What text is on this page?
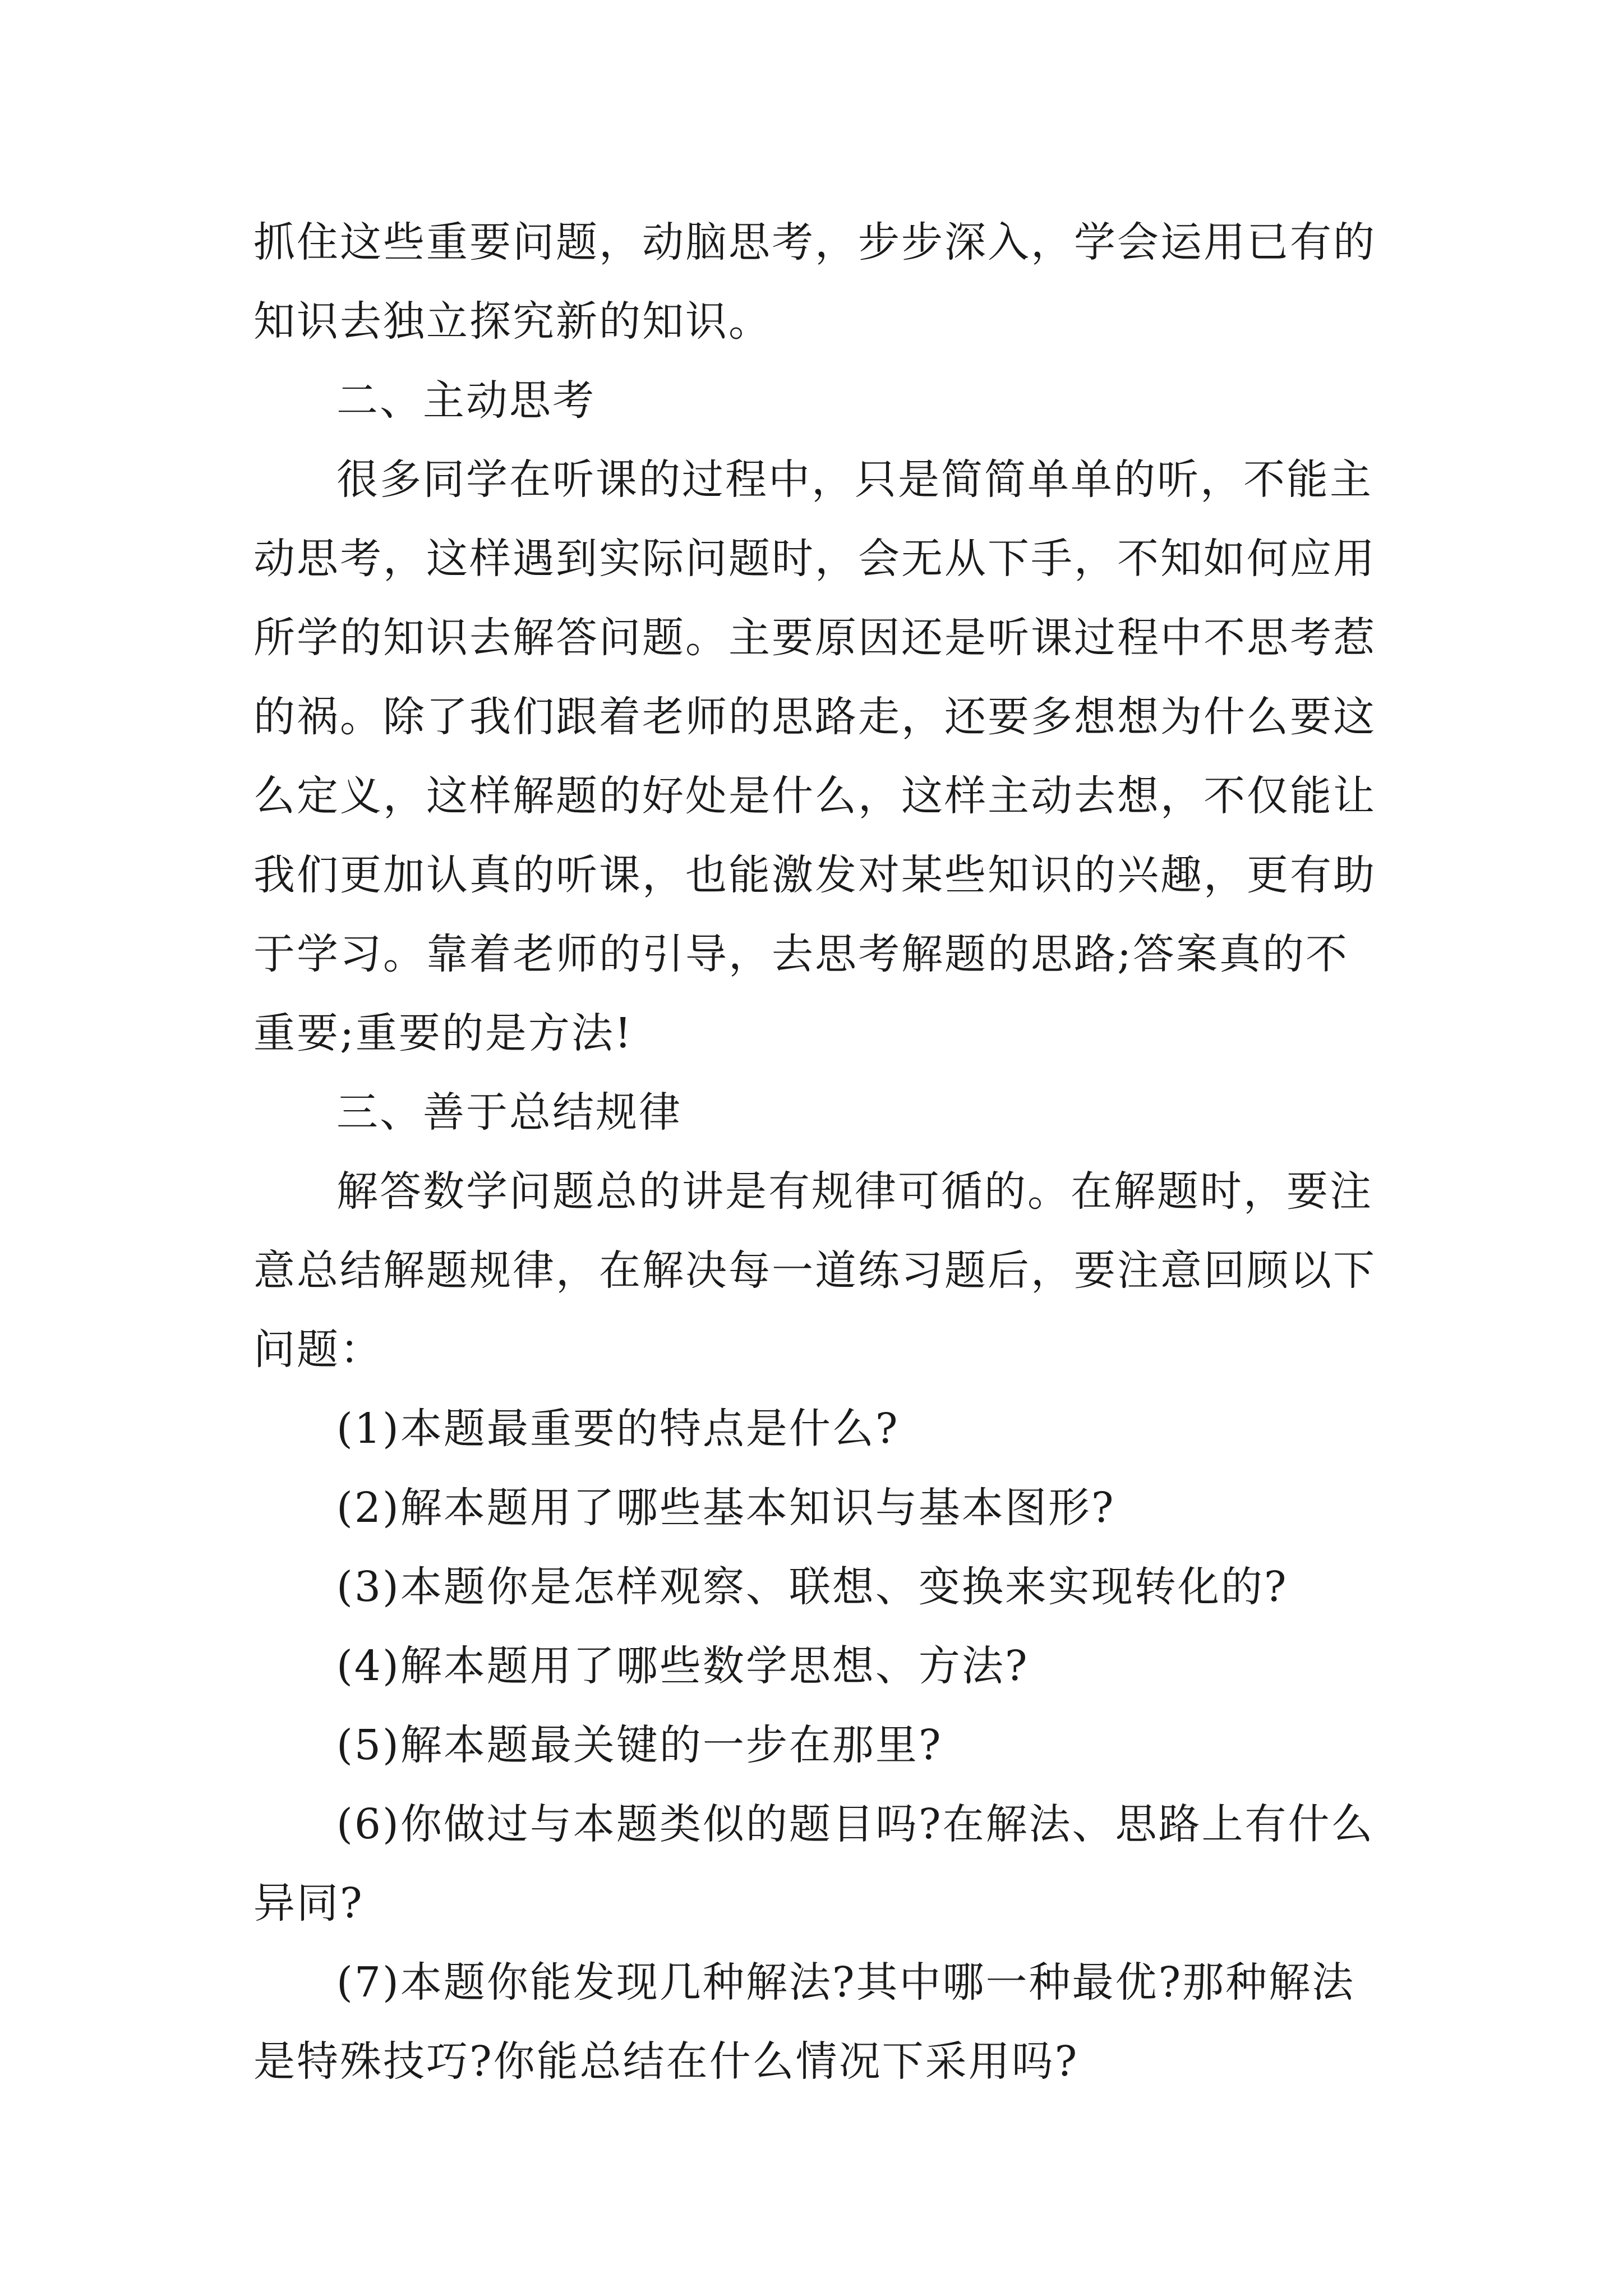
抓住这些重要问题，动脑思考，步步深入，学会运用已有的

知识去独立探究新的知识。

二、主动思考

很多同学在听课的过程中，只是简简单单的听，不能主

动思考，这样遇到实际问题时，会无从下手，不知如何应用

所学的知识去解答问题。主要原因还是听课过程中不思考惹

的祸。除了我们跟着老师的思路走，还要多想想为什么要这

么定义，这样解题的好处是什么，这样主动去想，不仅能让

我们更加认真的听课，也能激发对某些知识的兴趣，更有助

于学习。靠着老师的引导，去思考解题的思路;答案真的不

重要;重要的是方法!

三、善于总结规律

解答数学问题总的讲是有规律可循的。在解题时，要注

意总结解题规律，在解决每一道练习题后，要注意回顾以下

问题：

(1)本题最重要的特点是什么?

(2)解本题用了哪些基本知识与基本图形?

(3)本题你是怎样观察、联想、变换来实现转化的?

(4)解本题用了哪些数学思想、方法?

(5)解本题最关键的一步在那里?

(6)你做过与本题类似的题目吗?在解法、思路上有什么

异同?

(7)本题你能发现几种解法?其中哪一种最优?那种解法

是特殊技巧?你能总结在什么情况下采用吗?
